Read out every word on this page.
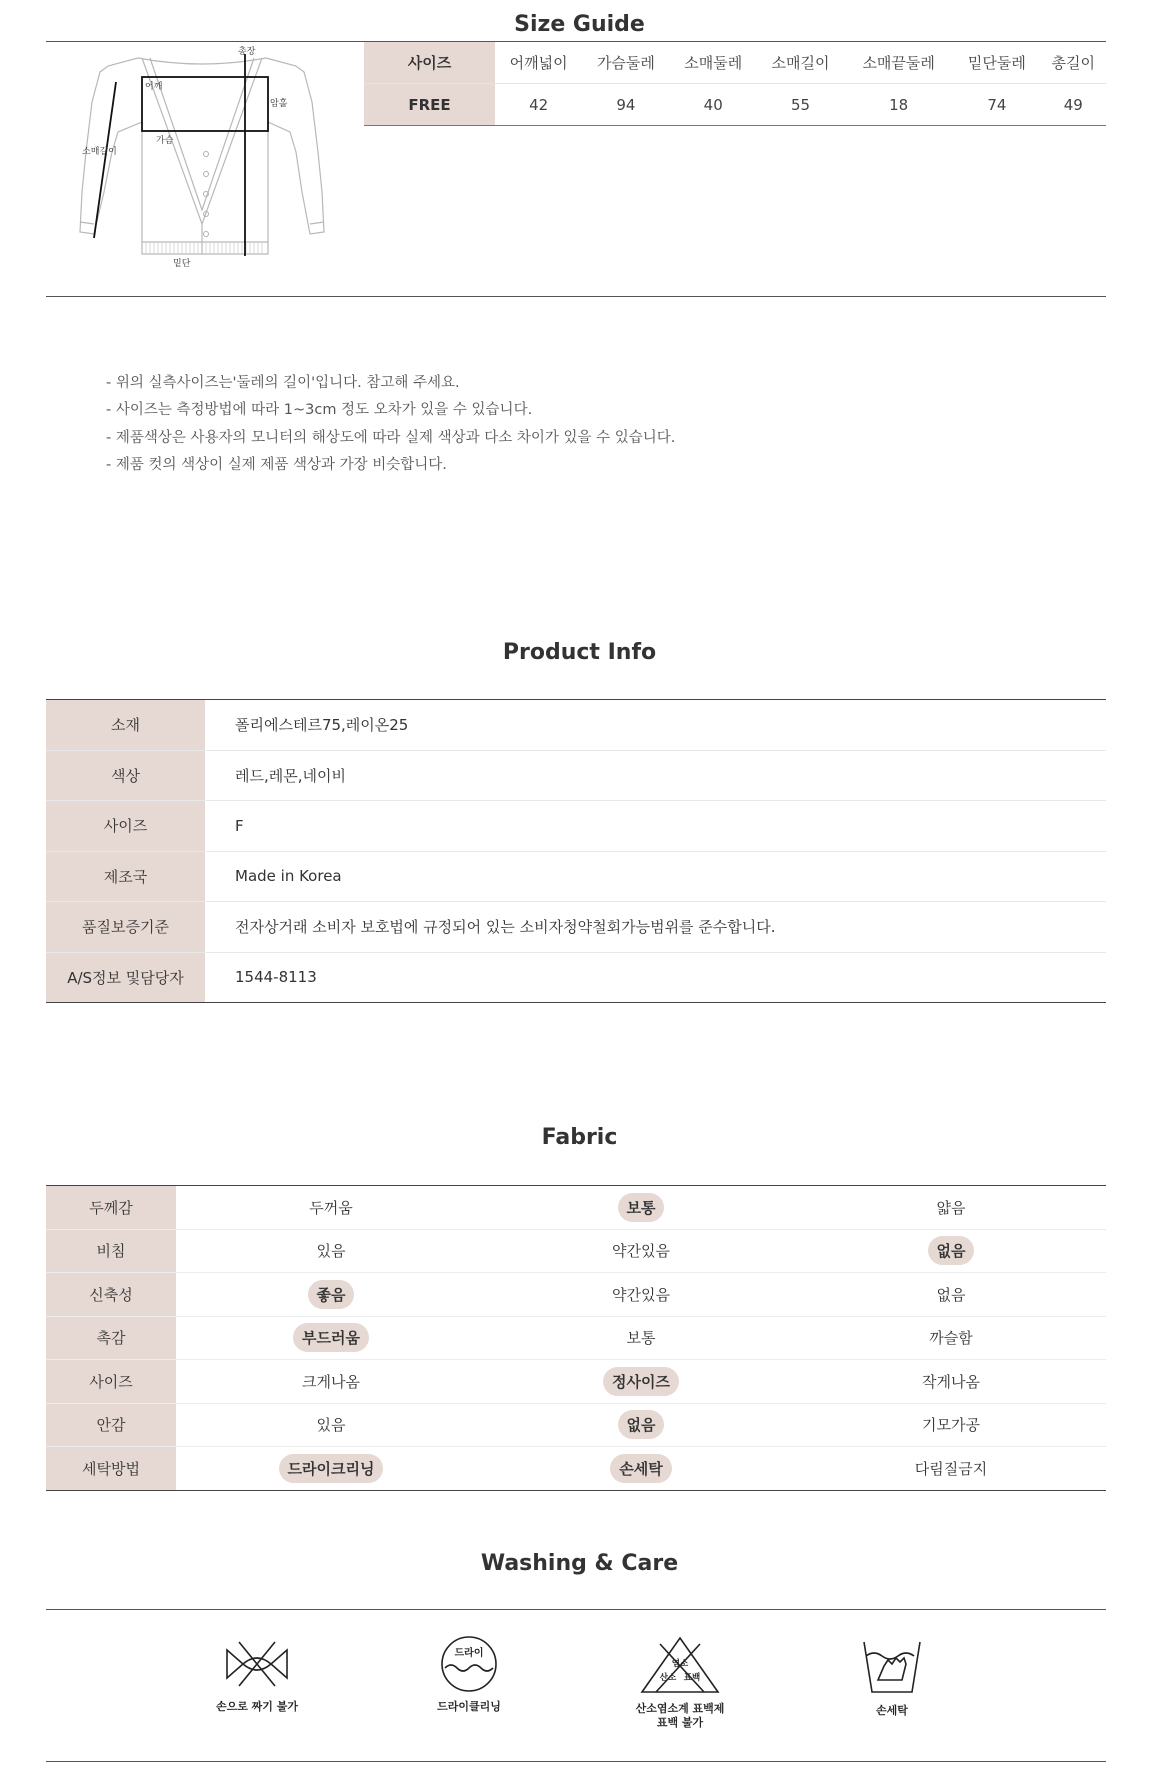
Size Guide
총장
어깨
암홀
소매길이
가슴
밑단
사이즈	어깨넓이	가슴둘레	소매둘레	소매길이	소매끝둘레	밑단둘레	총길이
FREE	42	94	40	55	18	74	49
- 위의 실측사이즈는'둘레의 길이'입니다. 참고해 주세요.
- 사이즈는 측정방법에 따라 1~3cm 정도 오차가 있을 수 있습니다.
- 제품색상은 사용자의 모니터의 해상도에 따라 실제 색상과 다소 차이가 있을 수 있습니다.
- 제품 컷의 색상이 실제 제품 색상과 가장 비슷합니다.
Product Info
소재	폴리에스테르75,레이온25
색상	레드,레몬,네이비
사이즈	F
제조국	Made in Korea
품질보증기준	전자상거래 소비자 보호법에 규정되어 있는 소비자청약철회가능범위를 준수합니다.
A/S정보 및담당자	1544-8113
Fabric
두께감	두꺼움	보통	얇음
비침	있음	약간있음	없음
신축성	좋음	약간있음	없음
촉감	부드러움	보통	까슬함
사이즈	크게나옴	정사이즈	작게나옴
안감	있음	없음	기모가공
세탁방법	드라이크리닝	손세탁	다림질금지
Washing & Care
손으로 짜기 불가
드라이
드라이클리닝
염소
산소 표백
산소염소계 표백제
표백 불가
손세탁
